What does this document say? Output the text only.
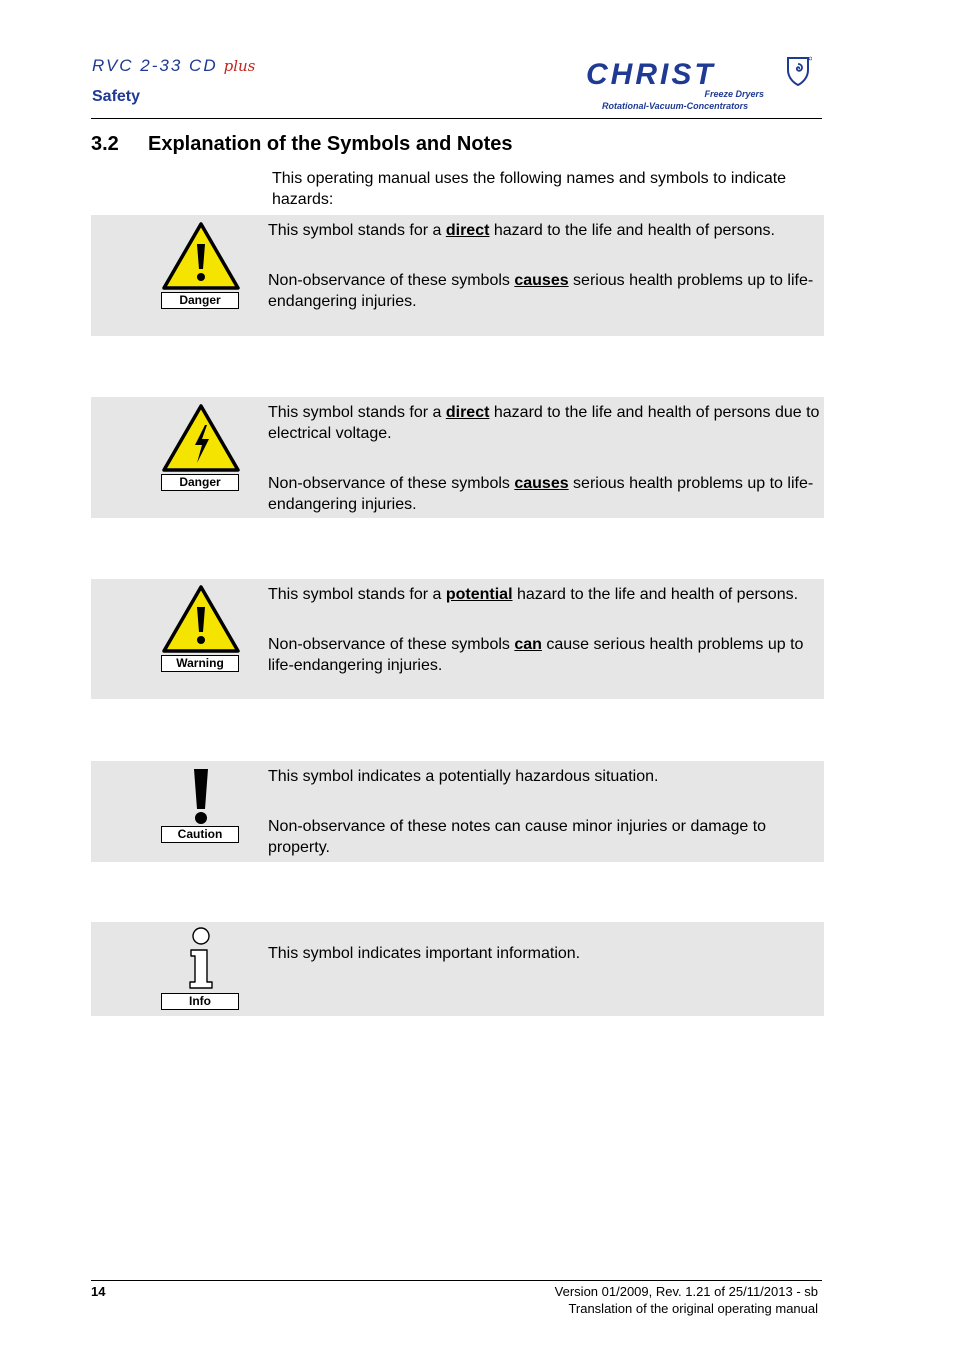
RVC 2-33 CD plus
Safety
CHRIST
Freeze Dryers
Rotational-Vacuum-Concentrators
3.2 Explanation of the Symbols and Notes
This operating manual uses the following names and symbols to indicate hazards:
Danger

This symbol stands for a direct hazard to the life and health of persons.

Non-observance of these symbols causes serious health problems up to life-endangering injuries.

Danger

This symbol stands for a direct hazard to the life and health of persons due to electrical voltage.

Non-observance of these symbols causes serious health problems up to life-endangering injuries.

Warning

This symbol stands for a potential hazard to the life and health of persons.

Non-observance of these symbols can cause serious health problems up to life-endangering injuries.

Caution

This symbol indicates a potentially hazardous situation.

Non-observance of these notes can cause minor injuries or damage to property.

Info

This symbol indicates important information.

14	Version 01/2009, Rev. 1.21 of 25/11/2013 - sb
Translation of the original operating manual
